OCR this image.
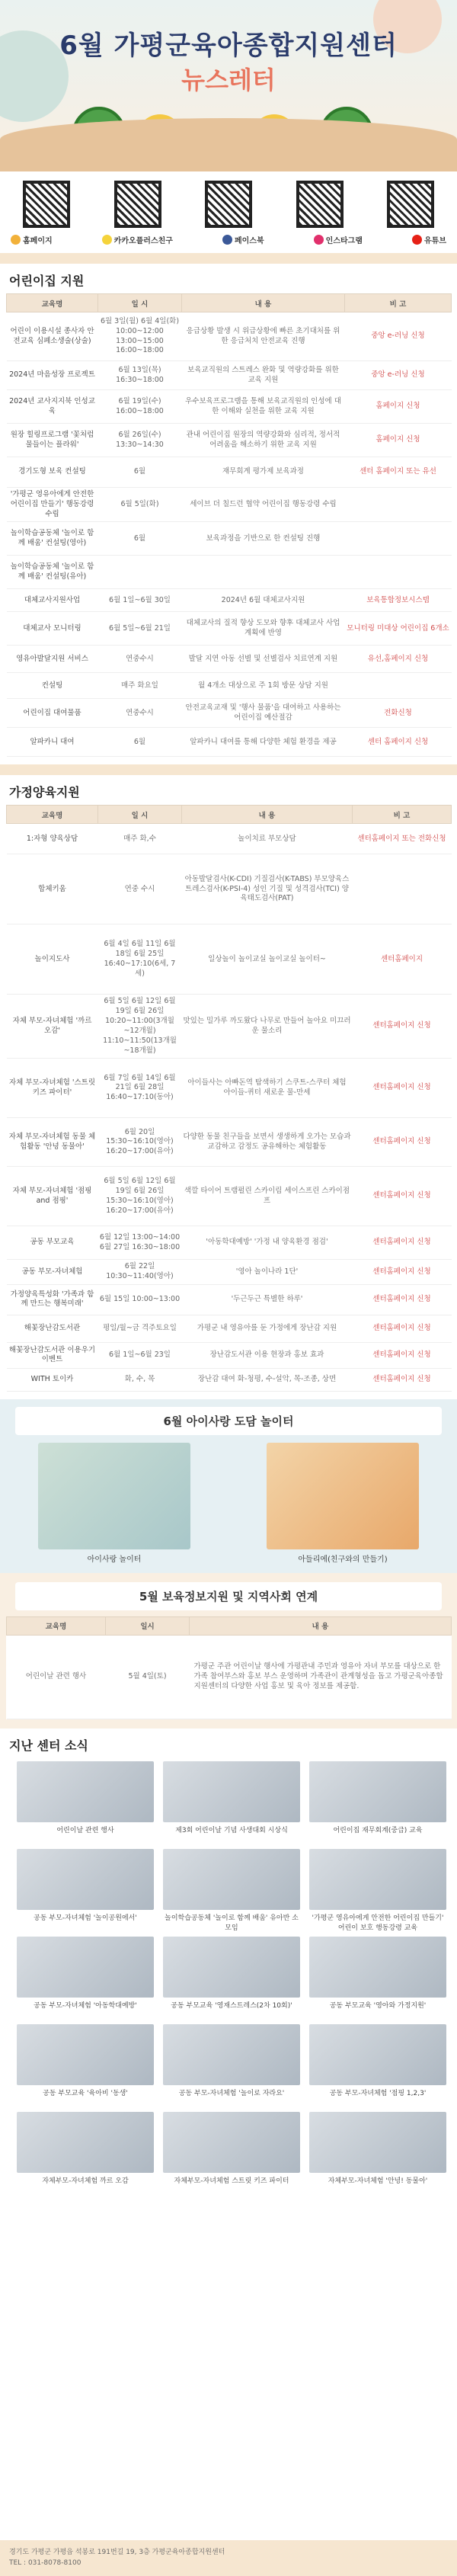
6월 가평군육아종합지원센터
뉴스레터
홈페이지	카카오플러스친구	페이스북	인스타그램	유튜브
어린이집 지원
교육명	일 시	내 용	비 고
어린이 이용시설 종사자 안전교육 심폐소생술(상술)	6월 3일(월) 6월 4일(화) 10:00~12:00 13:00~15:00 16:00~18:00	응급상황 발생 시 위급상황에 빠른 초기대처를 위한 응급처치 안전교육 진행	중앙 e-러닝 신청
2024년 마음성장 프로젝트	6월 13일(목) 16:30~18:00	보육교직원의 스트레스 완화 및 역량강화를 위한 교육 지원	중앙 e-러닝 신청
2024년 교사지지북 인성교육	6월 19일(수) 16:00~18:00	우수보육프로그램을 통해 보육교직원의 인성에 대한 이해와 실천을 위한 교육 지원	홈페이지 신청
원장 힐링프로그램 '꽃처럼 물들이는 플라워'	6월 26일(수) 13:30~14:30	관내 어린이집 원장의 역량강화와 심리적, 정서적 어려움을 해소하기 위한 교육 지원	홈페이지 신청
경기도형 보육 컨설팅	6월	재무회계 평가제 보육과정	센터 홈페이지 또는 유선
'가평군 영유아에게 안전한 어린이집 만들기' 행동강령수립	6월 5일(화)	세이브 더 칠드런 협약 어린이집 행동강령 수립	
놀이학습공동체 '놀이로 함께 배움' 컨설팅(영아)	6월	보육과정을 기반으로 한 컨설팅 진행	
놀이학습공동체 '놀이로 함께 배움' 컨설팅(유아)			
대체교사지원사업	6월 1일~6월 30일	2024년 6월 대체교사지원	보육통합정보시스템
대체교사 모니터링	6월 5일~6월 21일	대체교사의 질적 향상 도모와 향후 대체교사 사업계획에 반영	모니터링 미대상 어린이집 6개소
영유아발달지원 서비스	연중수시	발달 지연 아동 선별 및 선별검사 치료연계 지원	유선,홈페이지 신청
컨설팅	매주 화요일	월 4개소 대상으로 주 1회 방문 상담 지원	
어린이집 대여물품	연중수시	안전교육교재 및 '행사 물품'을 대여하고 사용하는 어린이집 예산절감	전화신청
알파카니 대여	6월	알파카니 대여를 통해 다양한 체험 환경을 제공	센터 홈페이지 신청
가정양육지원
교육명	일 시	내 용	비 고
1:자형 양육상담	매주 화,수	놀이치료 부모상담	센터홈페이지 또는 전화신청
합체키움	연중 수시	아동발달검사(K-CDI) 기질검사(K-TABS) 부모양육스트레스검사(K-PSI-4) 성인 기질 및 성격검사(TCI) 양육태도검사(PAT)	
놀이지도사	6월 4일 6월 11일 6월 18일 6월 25일 16:40~17:10(6세, 7세)	일상놀이 놀이교실 놀이교실 놀이터~	센터홈페이지
자체 부모-자녀체험 '까르 오감'	6월 5일 6월 12일 6월 19일 6월 26일 10:20~11:00(3개월~12개월) 11:10~11:50(13개월~18개월)	맛있는 밀가루 까도왔다 나무로 만들어 놀아요 미끄러운 물소리	센터홈페이지 신청
자체 부모-자녀체험 '스트릿 키즈 파이터'	6월 7일 6월 14일 6월 21일 6월 28일 16:40~17:10(동아)	아이들사는 아빠돈역 탐색하기 스쿠트-스쿠터 체험 아이들-퀴터 새로운 물-만세	센터홈페이지 신청
자체 부모-자녀체험 동물 체험활동 '안녕 동물아'	6월 20일 15:30~16:10(영아) 16:20~17:00(유아)	다양한 동물 친구들을 보면서 생생하게 오가는 모습과 교감하고 감정도 공유해하는 체험활동	센터홈페이지 신청
자체 부모-자녀체험 '점핑 and 점핑'	6월 5일 6월 12일 6월 19일 6월 26일 15:30~16:10(영아) 16:20~17:00(유아)	색깔 타이어 트램펄린 스카이림 세이스프린 스카이점프	센터홈페이지 신청
공동 부모교육	6월 12일 13:00~14:00 6월 27일 16:30~18:00	'아동학대예방' '가정 내 양육환경 점검'	센터홈페이지 신청
공동 부모-자녀체험	6월 22일 10:30~11:40(영아)	'영아 놀이나라 1단'	센터홈페이지 신청
가정양육특성화 '가족과 함께 만드는 행복미래'	6월 15일 10:00~13:00	'두근두근 특별한 하루'	센터홈페이지 신청
해꽃장난감도서관	평일/월~금 격주토요일	가평군 내 영유아를 둔 가정에게 장난감 지원	센터홈페이지 신청
해꽃장난감도서관 이용우기 이벤트	6월 1일~6월 23일	장난감도서관 이용 현장과 홍보 효과	센터홈페이지 신청
WITH 토이카	화, 수, 목	장난감 대여 화-청평, 수-설악, 목-조종, 상면	센터홈페이지 신청
6월 아이사랑 도담 놀이터
아이사랑 놀이터	아들리에(친구와의 만들기)
5월 보육정보지원 및 지역사회 연계
교육명	일시	내 용
어린이날 관련 행사	5월 4일(토)	가평군 주관 어린이날 행사에 가평관내 주민과 영유아 자녀 부모를 대상으로 한 가족 참여부스와 홍보 부스 운영하며 가족관이 관계형성을 돕고 가평군육아종합지원센터의 다양한 사업 홍보 및 육아 정보를 제공함.
지난 센터 소식
어린이날 관련 행사	제3회 어린이날 기념 사생대회 시상식	어린이집 재무회계(중급) 교육
공동 부모-자녀체험 '놀이공원에서'	놀이학습공동체 '놀이로 함께 배움' 유아반 소모임
'가평군 영유아에게 안전한 어린이집 만들기' 어린이 보호 행동강령 교육
공동 부모-자녀체험 '아동학대예방'	공동 부모교육 '영재스트레스(2차 10회)'	공동 부모교육 '영아와 가정지원'
공동 부모교육 '육아비 '동생'	공동 부모-자녀체험 '놀이로 자라요'	공동 부모-자녀체험 '점핑 1,2,3'
자체부모-자녀체험 까르 오감	자체부모-자녀체험 스트릿 키즈 파이터	자체부모-자녀체험 '안녕! 동물아'
경기도 가평군 가평읍 석봉로 191번길 19, 3층 가평군육아종합지원센터
TEL : 031-8078-8100
